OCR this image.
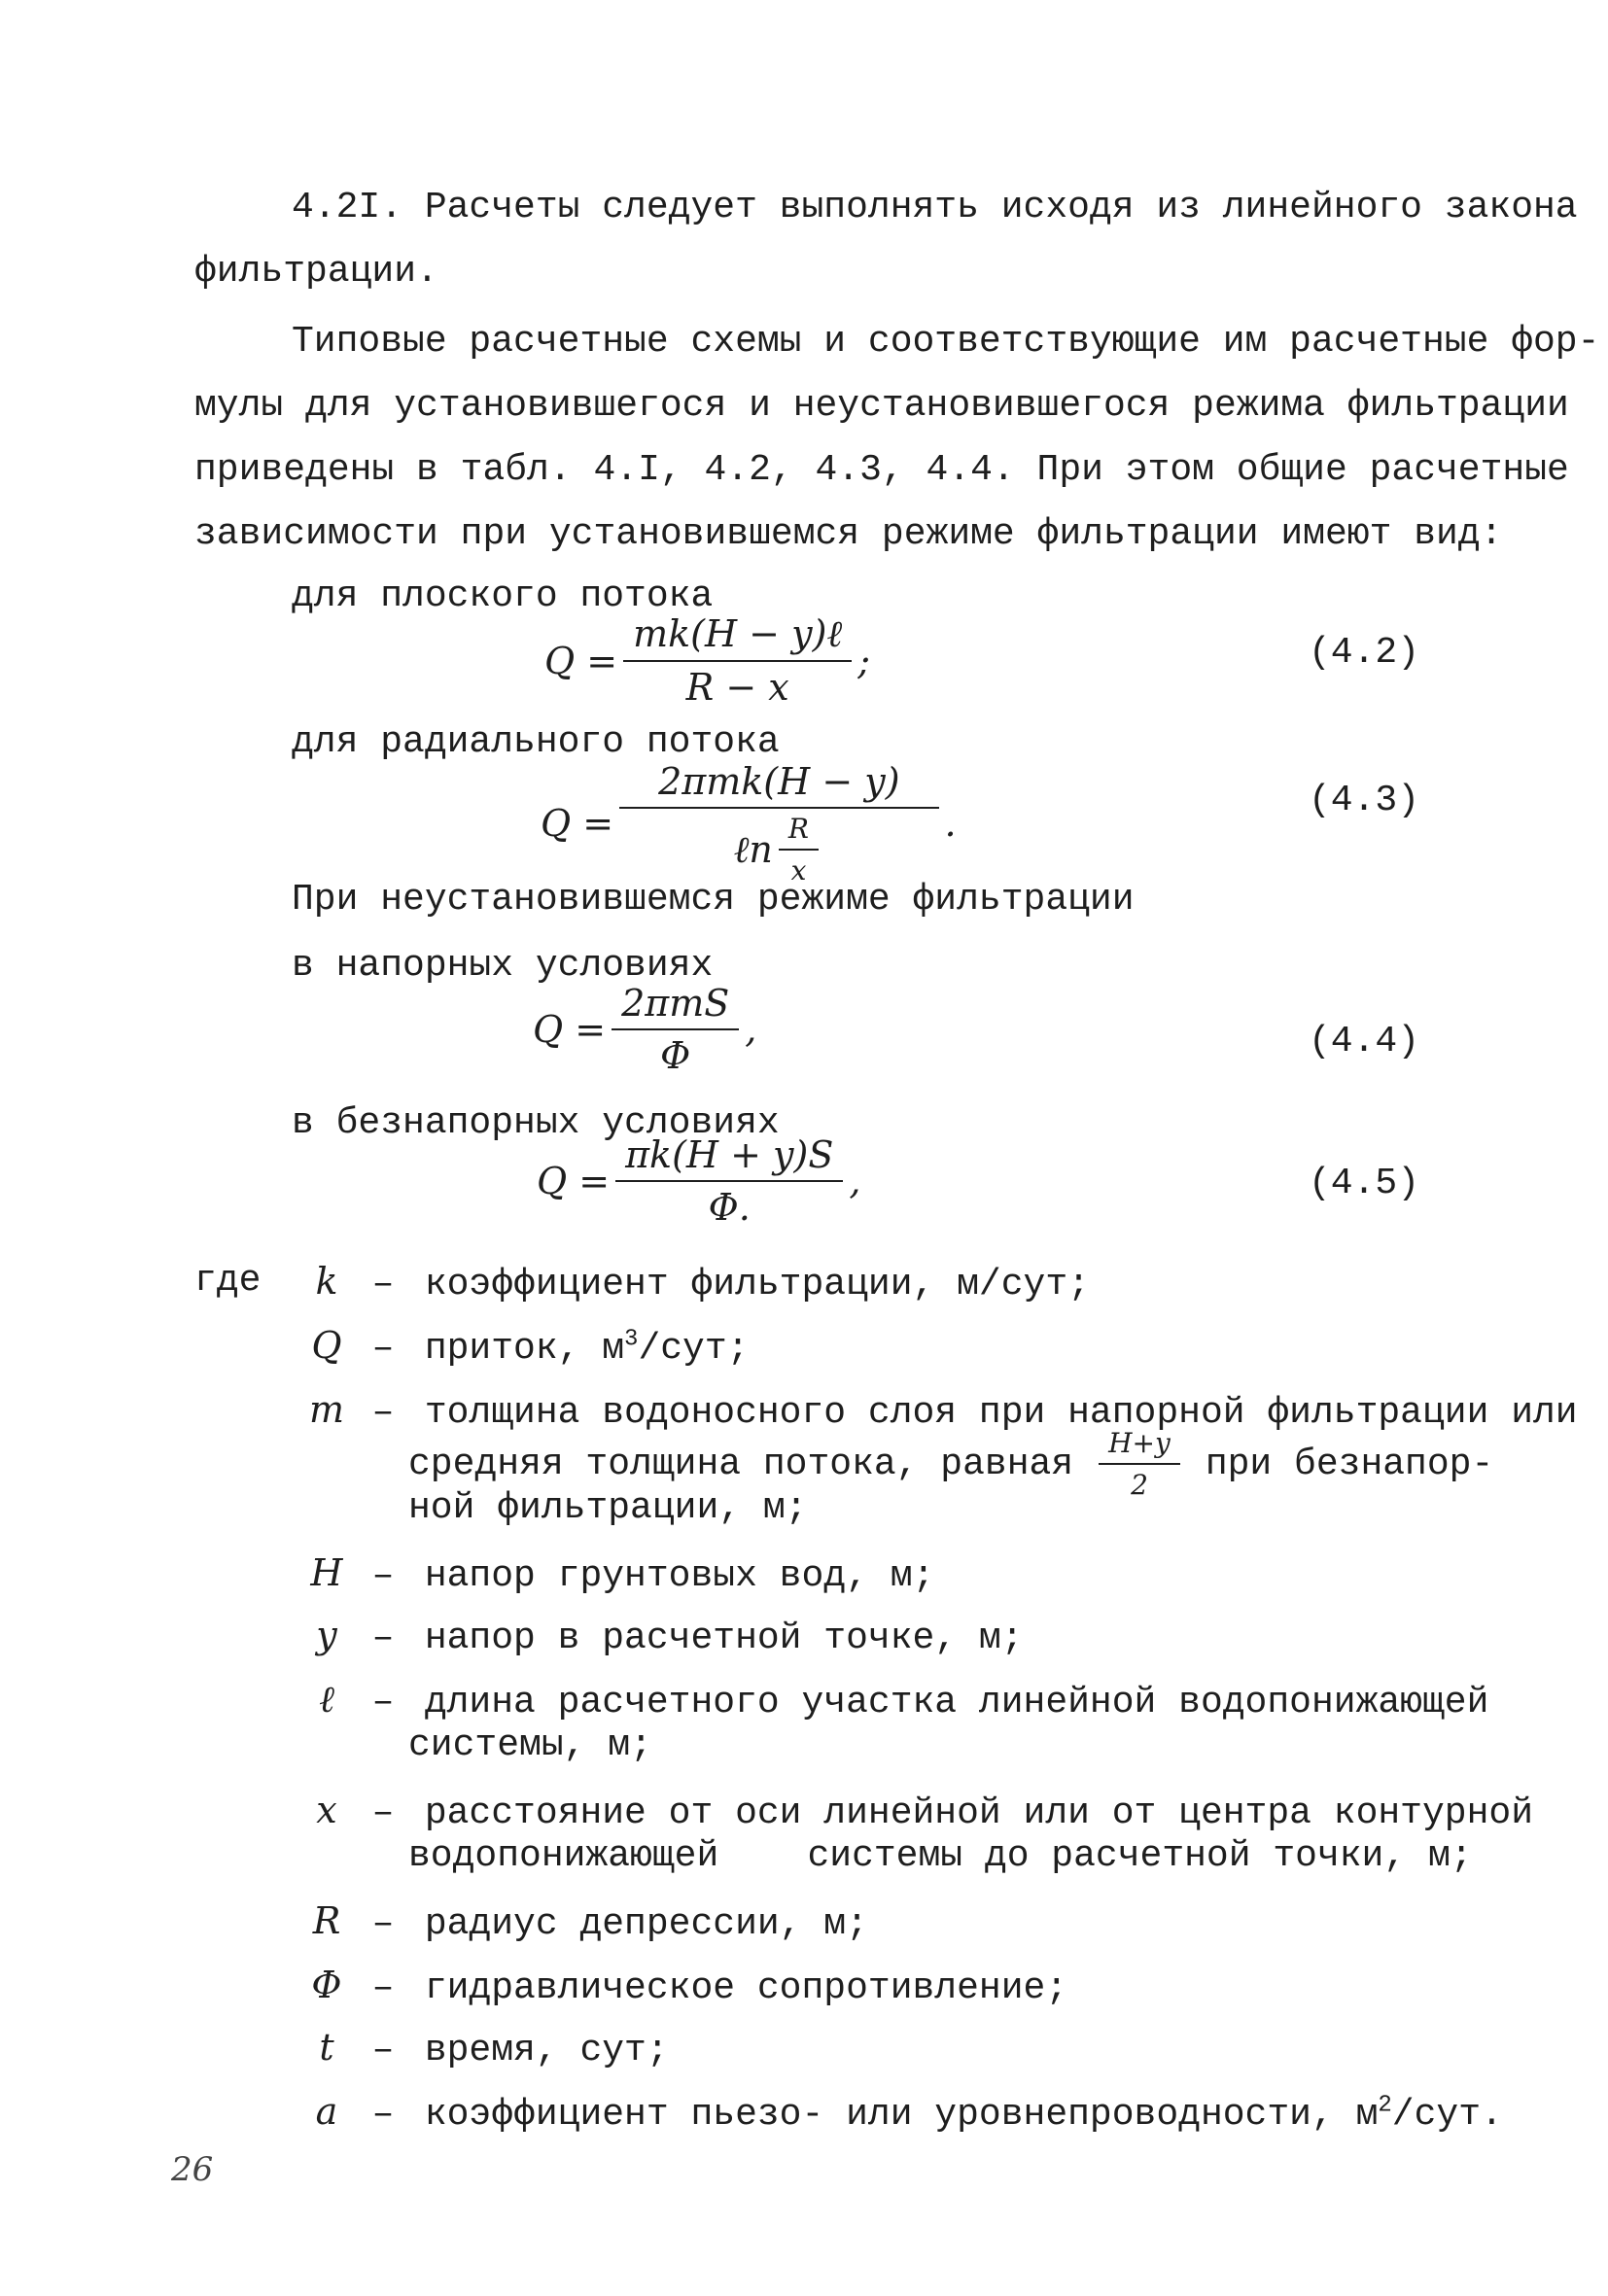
4.2I. Расчеты следует выполнять исходя из линейного закона
фильтрации.
Типовые расчетные схемы и соответствующие им расчетные фор-
мулы для установившегося и неустановившегося режима фильтрации
приведены в табл. 4.I, 4.2, 4.3, 4.4. При этом общие расчетные
зависимости при установившемся режиме фильтрации имеют вид:
для плоского потока
$Q = \frac{\text{mk(H − y)ℓ}}{R - x}$ ;	(4.2)
для радиального потока
$Q = \frac{\text{2πmk(H − y)}}{\ell n \frac{R}{x}}$ .
(4.3)
При неустановившемся режиме фильтрации
в напорных условиях
$Q = \frac{\text{2πmS}}{\Phi}$ ,	(4.4)
в безнапорных условиях
$Q = \frac{\pi k(H + y)S}{\Phi.}$ ,	(4.5)
где	k – коэффициент фильтрации, м/сут;
Q – приток, $м^3$/сут;
m – толщина водоносного слоя при напорной фильтрации или
средняя толщина потока, равная $\frac{H+y}{2}$ при безнапор-
ной фильтрации, м;
H – напор грунтовых вод, м;
y – напор в расчетной точке, м;
ℓ – длина расчетного участка линейной водопонижающей
системы, м;
x – расстояние от оси линейной или от центра контурной
водопонижающей    системы до расчетной точки, м;
R – радиус депрессии, м;
Φ – гидравлическое сопротивление;
t – время, сут;
a – коэффициент пьезо- или уровнепроводности, $м^2$/сут.
26
